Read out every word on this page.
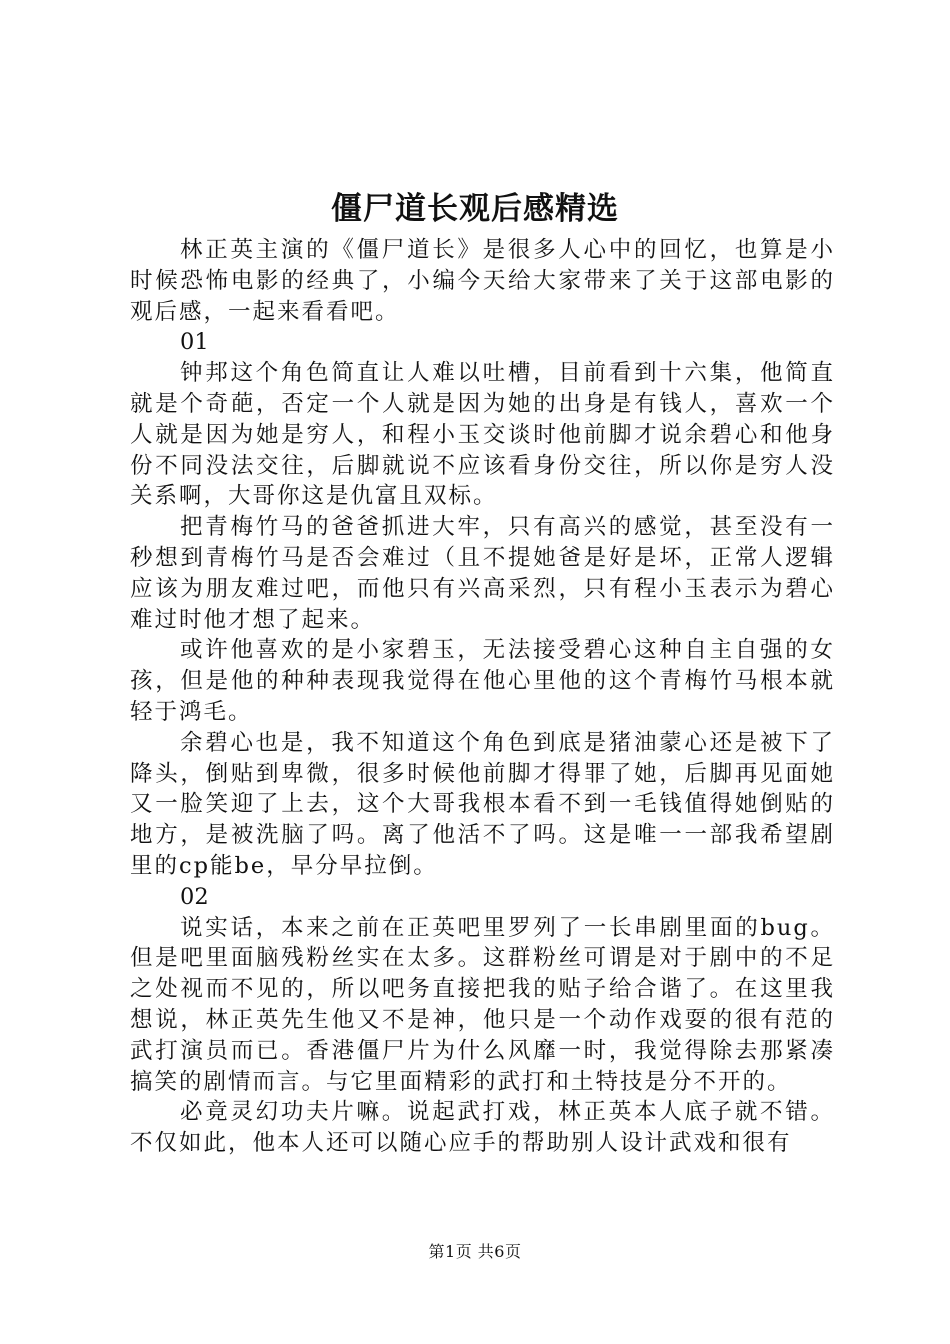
僵尸道长观后感精选

林正英主演的《僵尸道长》是很多人心中的回忆，也算是小时候恐怖电影的经典了，小编今天给大家带来了关于这部电影的观后感，一起来看看吧。

01

钟邦这个角色简直让人难以吐槽，目前看到十六集，他简直就是个奇葩，否定一个人就是因为她的出身是有钱人，喜欢一个人就是因为她是穷人，和程小玉交谈时他前脚才说余碧心和他身份不同没法交往，后脚就说不应该看身份交往，所以你是穷人没关系啊，大哥你这是仇富且双标。

把青梅竹马的爸爸抓进大牢，只有高兴的感觉，甚至没有一秒想到青梅竹马是否会难过（且不提她爸是好是坏，正常人逻辑应该为朋友难过吧，而他只有兴高采烈，只有程小玉表示为碧心难过时他才想了起来。

或许他喜欢的是小家碧玉，无法接受碧心这种自主自强的女孩，但是他的种种表现我觉得在他心里他的这个青梅竹马根本就轻于鸿毛。

余碧心也是，我不知道这个角色到底是猪油蒙心还是被下了降头，倒贴到卑微，很多时候他前脚才得罪了她，后脚再见面她又一脸笑迎了上去，这个大哥我根本看不到一毛钱值得她倒贴的地方，是被洗脑了吗。离了他活不了吗。这是唯一一部我希望剧里的cp能be，早分早拉倒。

02

说实话，本来之前在正英吧里罗列了一长串剧里面的bug。但是吧里面脑残粉丝实在太多。这群粉丝可谓是对于剧中的不足之处视而不见的，所以吧务直接把我的贴子给合谐了。在这里我想说，林正英先生他又不是神，他只是一个动作戏耍的很有范的武打演员而已。香港僵尸片为什么风靡一时，我觉得除去那紧凑搞笑的剧情而言。与它里面精彩的武打和土特技是分不开的。

必竟灵幻功夫片嘛。说起武打戏，林正英本人底子就不错。不仅如此，他本人还可以随心应手的帮助别人设计武戏和很有

第1页 共6页
